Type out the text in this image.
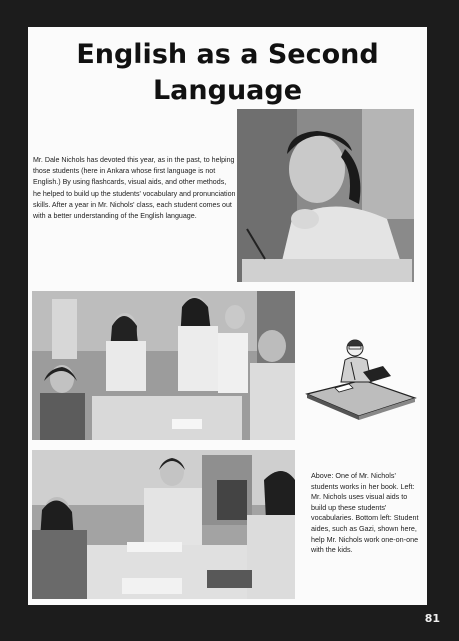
English as a Second
Language
Mr. Dale Nichols has devoted this year, as in the past, to helping those students (here in Ankara whose first language is not English.) By using flashcards, visual aids, and other methods, he helped to build up the students' vocabulary and pronunciation skills. After a year in Mr. Nichols' class, each student comes out with a better understanding of the English language.
Above: One of Mr. Nichols' students works in her book. Left: Mr. Nichols uses visual aids to build up these students' vocabularies. Bottom left: Student aides, such as Gazi, shown here, help Mr. Nichols work one-on-one with the kids.
81
